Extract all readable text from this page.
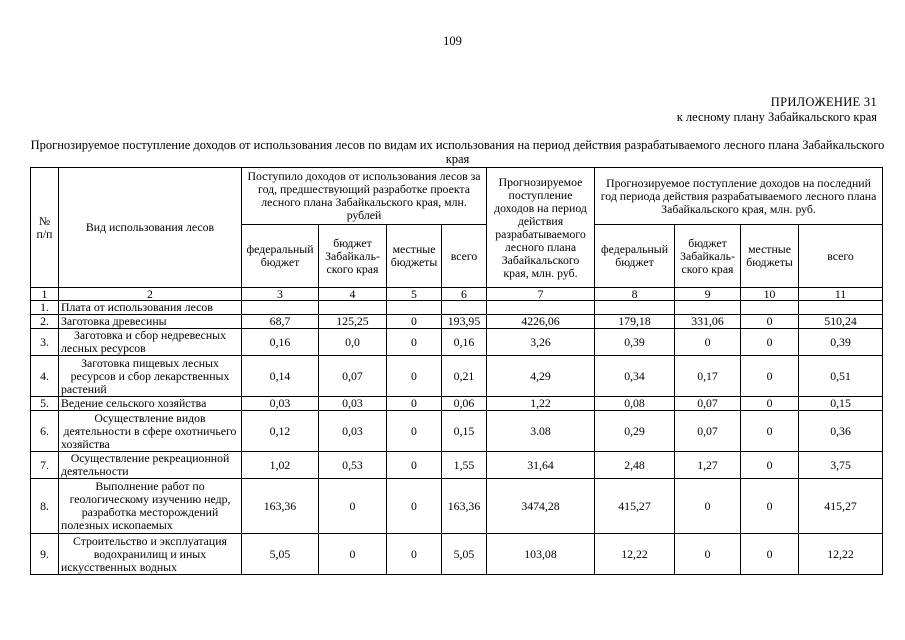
109
ПРИЛОЖЕНИЕ 31
к лесному плану Забайкальского края
Прогнозируемое поступление доходов от использования лесов по видам их использования на период действия разрабатываемого лесного плана Забайкальского края
№ п/п	Вид использования лесов	Поступило доходов от использования лесов за год, предшествующий разработке проекта лесного плана Забайкальского края, млн. рублей				Прогнозируемое поступление доходов на период действия разрабатываемого лесного плана Забайкальского края, млн. руб.	Прогнозируемое поступление доходов на последний год периода действия разрабатываемого лесного плана Забайкальского края, млн. руб.			
		федеральный бюджет	бюджет Забайкаль-ского края	местные бюджеты	всего		федеральный бюджет	бюджет Забайкаль-ского края	местные бюджеты	всего
1	2	3	4	5	6	7	8	9	10	11
1.	Плата от использования лесов									
2.	Заготовка древесины	68,7	125,25	0	193,95	4226,06	179,18	331,06	0	510,24
3.	Заготовка и сбор недревесных лесных ресурсов	0,16	0,0	0	0,16	3,26	0,39	0	0	0,39
4.	Заготовка пищевых лесных ресурсов и сбор лекарственных растений	0,14	0,07	0	0,21	4,29	0,34	0,17	0	0,51
5.	Ведение сельского хозяйства	0,03	0,03	0	0,06	1,22	0,08	0,07	0	0,15
6.	Осуществление видов деятельности в сфере охотничьего хозяйства	0,12	0,03	0	0,15	3.08	0,29	0,07	0	0,36
7.	Осуществление рекреационной деятельности	1,02	0,53	0	1,55	31,64	2,48	1,27	0	3,75
8.	Выполнение работ по геологическому изучению недр, разработка месторождений полезных ископаемых	163,36	0	0	163,36	3474,28	415,27	0	0	415,27
9.	Строительство и эксплуатация водохранилищ и иных искусственных водных	5,05	0	0	5,05	103,08	12,22	0	0	12,22
